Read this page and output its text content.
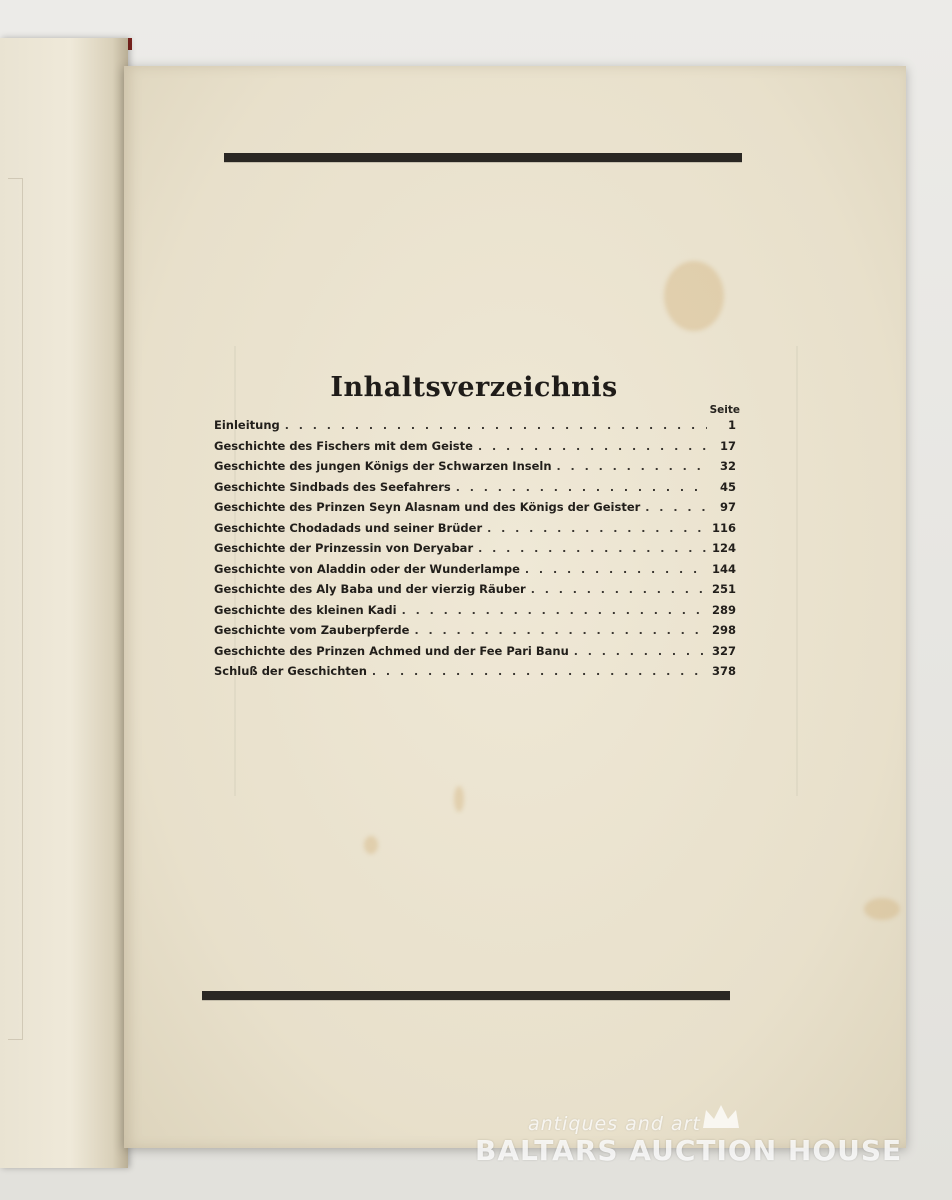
Inhaltsverzeichnis
Seite
Einleitung . . .	1
Geschichte des Fischers mit dem Geiste . . .	17
Geschichte des jungen Königs der Schwarzen Inseln . . .	32
Geschichte Sindbads des Seefahrers . . .	45
Geschichte des Prinzen Seyn Alasnam und des Königs der Geister . . .	97
Geschichte Chodadads und seiner Brüder . . .	116
Geschichte der Prinzessin von Deryabar . . .	124
Geschichte von Aladdin oder der Wunderlampe . . .	144
Geschichte des Aly Baba und der vierzig Räuber . . .	251
Geschichte des kleinen Kadi . . .	289
Geschichte vom Zauberpferde . . .	298
Geschichte des Prinzen Achmed und der Fee Pari Banu . . .	327
Schluß der Geschichten . . .	378
antiques and art
BALTARS AUCTION HOUSE
